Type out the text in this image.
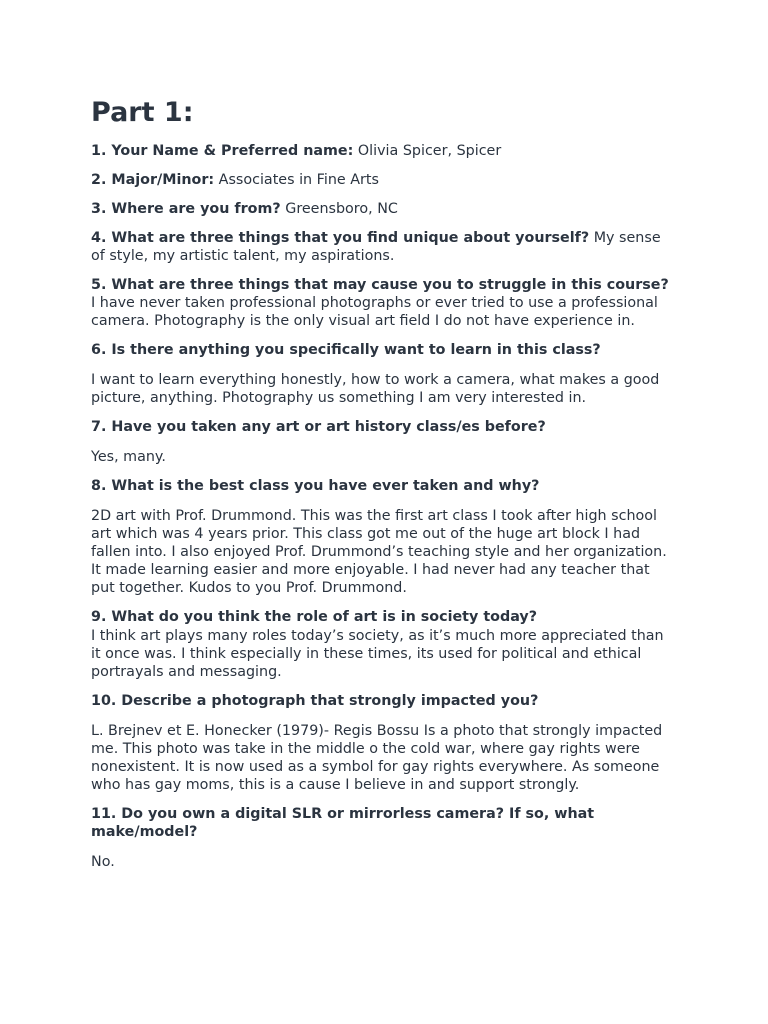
Part 1:

1. Your Name & Preferred name: Olivia Spicer, Spicer

2. Major/Minor: Associates in Fine Arts

3. Where are you from? Greensboro, NC

4. What are three things that you find unique about yourself? My sense of style, my artistic talent, my aspirations.

5. What are three things that may cause you to struggle in this course? I have never taken professional photographs or ever tried to use a professional camera. Photography is the only visual art field I do not have experience in.

6. Is there anything you specifically want to learn in this class?

I want to learn everything honestly, how to work a camera, what makes a good picture, anything. Photography us something I am very interested in.

7. Have you taken any art or art history class/es before?

Yes, many.

8. What is the best class you have ever taken and why?

2D art with Prof. Drummond. This was the first art class I took after high school art which was 4 years prior. This class got me out of the huge art block I had fallen into. I also enjoyed Prof. Drummond’s teaching style and her organization. It made learning easier and more enjoyable. I had never had any teacher that put together. Kudos to you Prof. Drummond.

9. What do you think the role of art is in society today?

I think art plays many roles today’s society, as it’s much more appreciated than it once was. I think especially in these times, its used for political and ethical portrayals and messaging.

10. Describe a photograph that strongly impacted you?

L. Brejnev et E. Honecker (1979)- Regis Bossu Is a photo that strongly impacted me. This photo was take in the middle o the cold war, where gay rights were nonexistent. It is now used as a symbol for gay rights everywhere. As someone who has gay moms, this is a cause I believe in and support strongly.

11. Do you own a digital SLR or mirrorless camera? If so, what make/model?

No.
